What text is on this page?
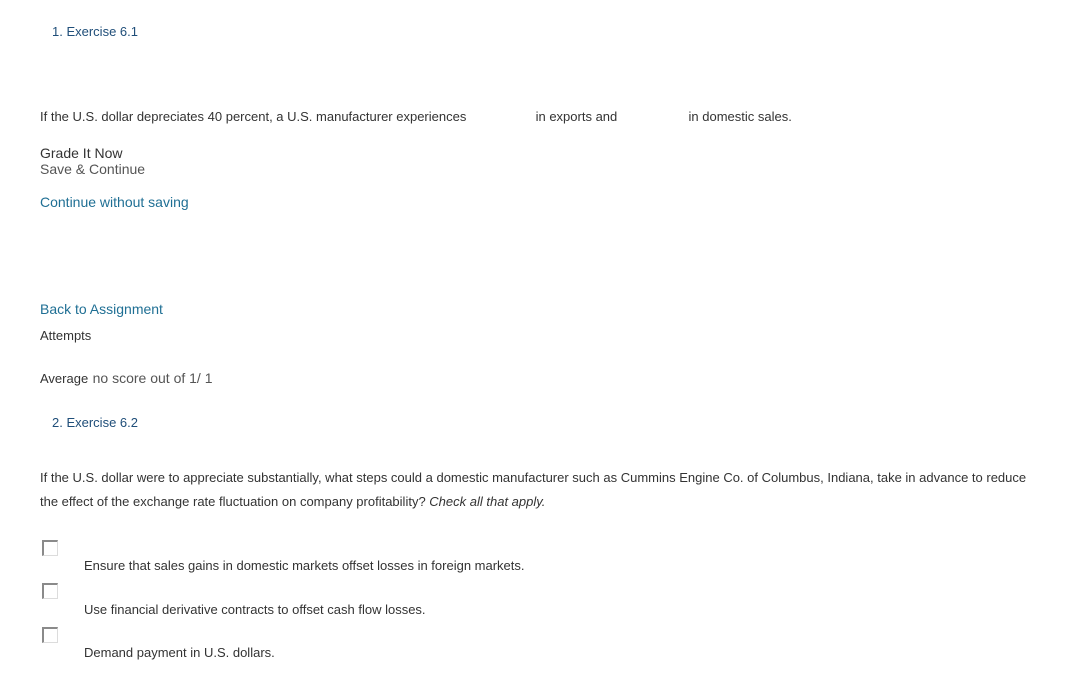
1. Exercise 6.1
If the U.S. dollar depreciates 40 percent, a U.S. manufacturer experiences	in exports and	in domestic sales.
Grade It Now
Save & Continue
Continue without saving
Back to Assignment
Attempts
Average no score out of 1/ 1
2. Exercise 6.2
If the U.S. dollar were to appreciate substantially, what steps could a domestic manufacturer such as Cummins Engine Co. of Columbus, Indiana, take in advance to reduce the effect of the exchange rate fluctuation on company profitability? Check all that apply.
Ensure that sales gains in domestic markets offset losses in foreign markets.
Use financial derivative contracts to offset cash flow losses.
Demand payment in U.S. dollars.
